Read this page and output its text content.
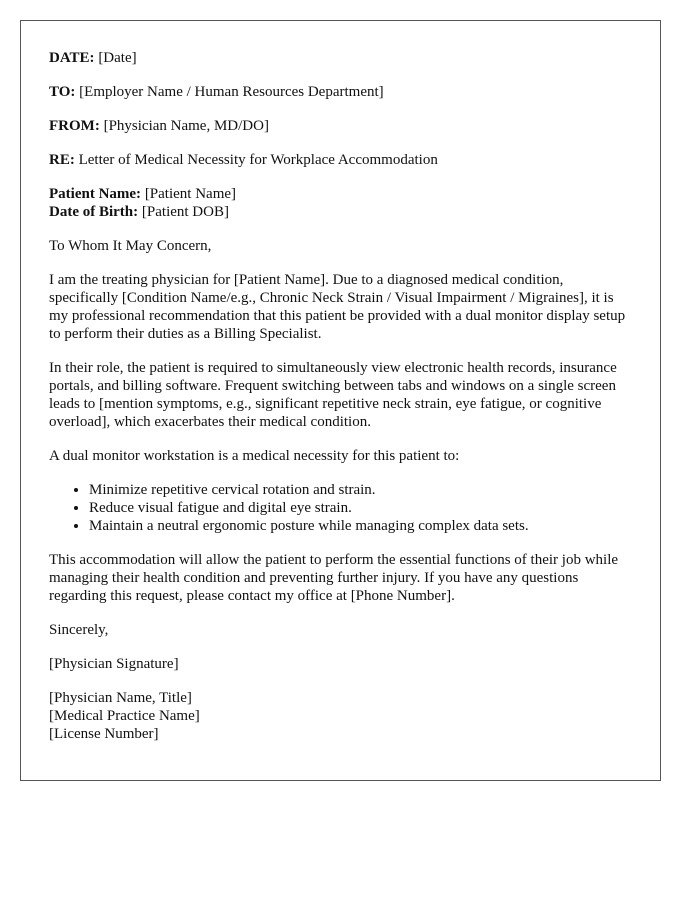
DATE: [Date]
TO: [Employer Name / Human Resources Department]
FROM: [Physician Name, MD/DO]
RE: Letter of Medical Necessity for Workplace Accommodation
Patient Name: [Patient Name]
Date of Birth: [Patient DOB]

To Whom It May Concern,

I am the treating physician for [Patient Name]. Due to a diagnosed medical condition, specifically [Condition Name/e.g., Chronic Neck Strain / Visual Impairment / Migraines], it is my professional recommendation that this patient be provided with a dual monitor display setup to perform their duties as a Billing Specialist.

In their role, the patient is required to simultaneously view electronic health records, insurance portals, and billing software. Frequent switching between tabs and windows on a single screen leads to [mention symptoms, e.g., significant repetitive neck strain, eye fatigue, or cognitive overload], which exacerbates their medical condition.

A dual monitor workstation is a medical necessity for this patient to:

• Minimize repetitive cervical rotation and strain.
• Reduce visual fatigue and digital eye strain.
• Maintain a neutral ergonomic posture while managing complex data sets.

This accommodation will allow the patient to perform the essential functions of their job while managing their health condition and preventing further injury. If you have any questions regarding this request, please contact my office at [Phone Number].

Sincerely,

[Physician Signature]

[Physician Name, Title]
[Medical Practice Name]
[License Number]
